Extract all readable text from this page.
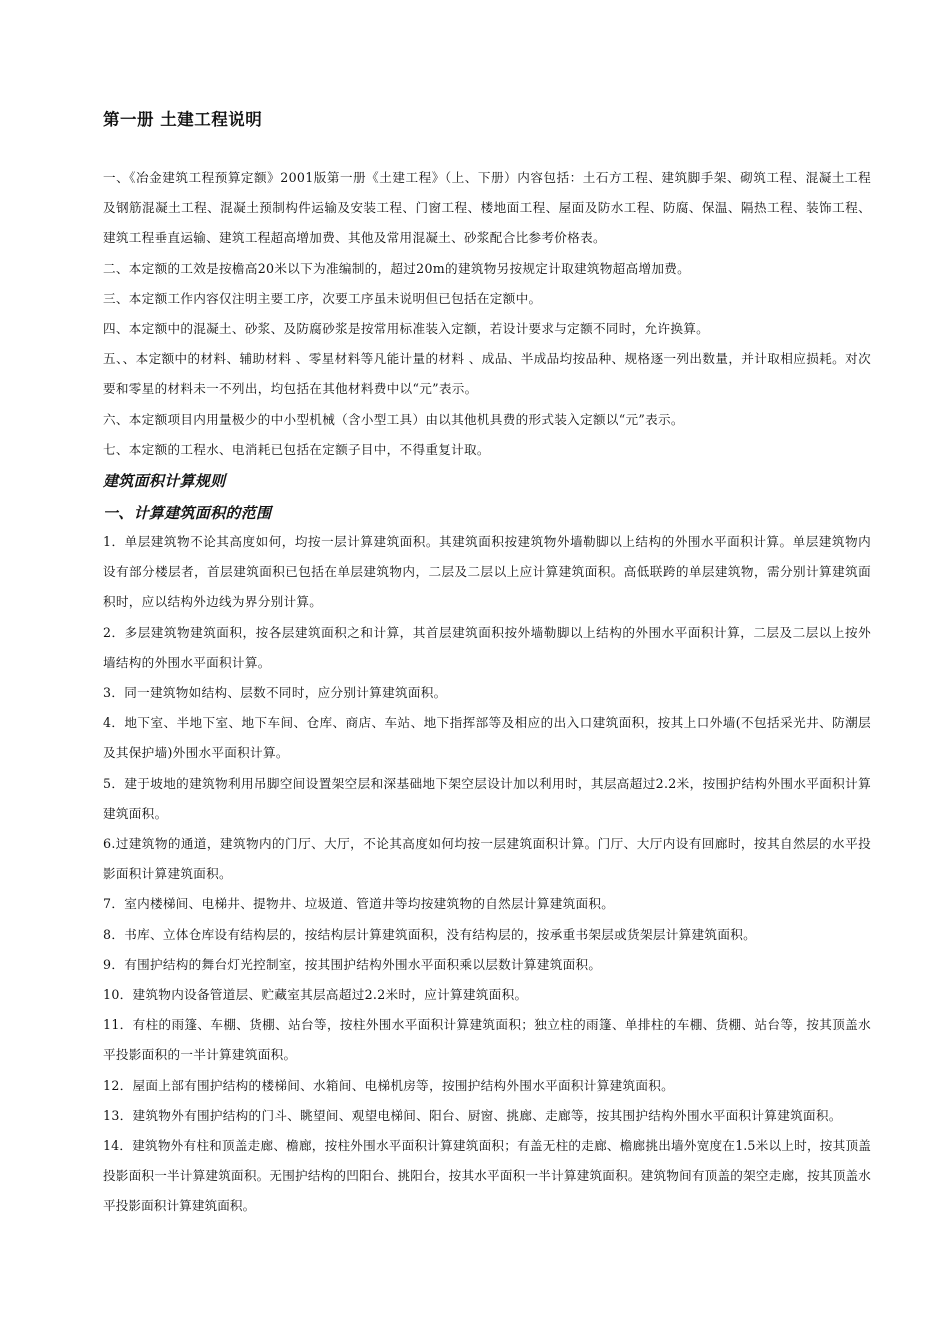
第一册 土建工程说明

一、《冶金建筑工程预算定额》2001版第一册《土建工程》（上、下册）内容包括：土石方工程、建筑脚手架、砌筑工程、混凝土工程及钢筋混凝土工程、混凝土预制构件运输及安装工程、门窗工程、楼地面工程、屋面及防水工程、防腐、保温、隔热工程、装饰工程、建筑工程垂直运输、建筑工程超高增加费、其他及常用混凝土、砂浆配合比参考价格表。

二、本定额的工效是按檐高20米以下为准编制的，超过20m的建筑物另按规定计取建筑物超高增加费。

三、本定额工作内容仅注明主要工序，次要工序虽未说明但已包括在定额中。

四、本定额中的混凝土、砂浆、及防腐砂浆是按常用标准装入定额，若设计要求与定额不同时，允许换算。

五、、本定额中的材料、辅助材料 、零星材料等凡能计量的材料 、成品、半成品均按品种、规格逐一列出数量，并计取相应损耗。对次要和零星的材料未一不列出，均包括在其他材料费中以“元”表示。

六、本定额项目内用量极少的中小型机械（含小型工具）由以其他机具费的形式装入定额以“元”表示。

七、本定额的工程水、电消耗已包括在定额子目中，不得重复计取。

建筑面积计算规则
一、计算建筑面积的范围

1．单层建筑物不论其高度如何，均按一层计算建筑面积。其建筑面积按建筑物外墙勒脚以上结构的外围水平面积计算。单层建筑物内设有部分楼层者，首层建筑面积已包括在单层建筑物内，二层及二层以上应计算建筑面积。高低联跨的单层建筑物，需分别计算建筑面积时，应以结构外边线为界分别计算。

2．多层建筑物建筑面积，按各层建筑面积之和计算，其首层建筑面积按外墙勒脚以上结构的外围水平面积计算，二层及二层以上按外墙结构的外围水平面积计算。

3．同一建筑物如结构、层数不同时，应分别计算建筑面积。

4．地下室、半地下室、地下车间、仓库、商店、车站、地下指挥部等及相应的出入口建筑面积，按其上口外墙(不包括采光井、防潮层及其保护墙)外围水平面积计算。

5．建于坡地的建筑物利用吊脚空间设置架空层和深基础地下架空层设计加以利用时，其层高超过2.2米，按围护结构外围水平面积计算建筑面积。

6.过建筑物的通道，建筑物内的门厅、大厅，不论其高度如何均按一层建筑面积计算。门厅、大厅内设有回廊时，按其自然层的水平投影面积计算建筑面积。

7．室内楼梯间、电梯井、提物井、垃圾道、管道井等均按建筑物的自然层计算建筑面积。

8．书库、立体仓库设有结构层的，按结构层计算建筑面积，没有结构层的，按承重书架层或货架层计算建筑面积。

9．有围护结构的舞台灯光控制室，按其围护结构外围水平面积乘以层数计算建筑面积。

10．建筑物内设备管道层、贮藏室其层高超过2.2米时，应计算建筑面积。

11．有柱的雨篷、车棚、货棚、站台等，按柱外围水平面积计算建筑面积；独立柱的雨篷、单排柱的车棚、货棚、站台等，按其顶盖水平投影面积的一半计算建筑面积。

12．屋面上部有围护结构的楼梯间、水箱间、电梯机房等，按围护结构外围水平面积计算建筑面积。

13．建筑物外有围护结构的门斗、眺望间、观望电梯间、阳台、厨窗、挑廊、走廊等，按其围护结构外围水平面积计算建筑面积。

14．建筑物外有柱和顶盖走廊、檐廊，按柱外围水平面积计算建筑面积；有盖无柱的走廊、檐廊挑出墙外宽度在1.5米以上时，按其顶盖投影面积一半计算建筑面积。无围护结构的凹阳台、挑阳台，按其水平面积一半计算建筑面积。建筑物间有顶盖的架空走廊，按其顶盖水平投影面积计算建筑面积。
